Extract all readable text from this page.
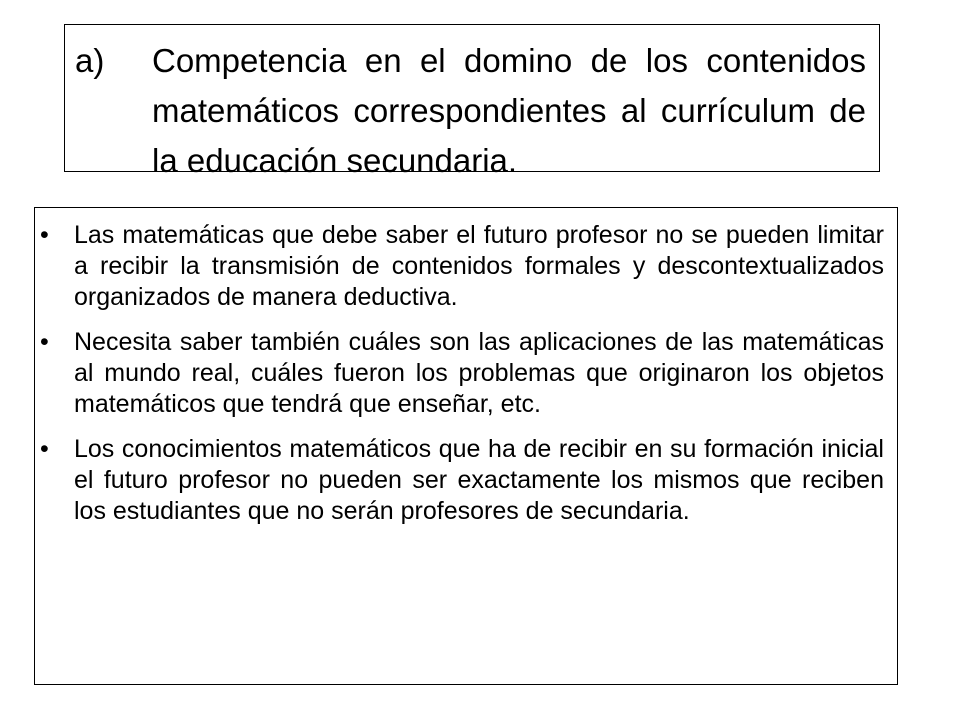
a) Competencia en el domino de los contenidos matemáticos correspondientes al currículum de la educación secundaria.
• Las matemáticas que debe saber el futuro profesor no se pueden limitar a recibir la transmisión de contenidos formales y descontextualizados organizados de manera deductiva.
• Necesita saber también cuáles son las aplicaciones de las matemáticas al mundo real, cuáles fueron los problemas que originaron los objetos matemáticos que tendrá que enseñar, etc.
• Los conocimientos matemáticos que ha de recibir en su formación inicial el futuro profesor no pueden ser exactamente los mismos que reciben los estudiantes que no serán profesores de secundaria.
